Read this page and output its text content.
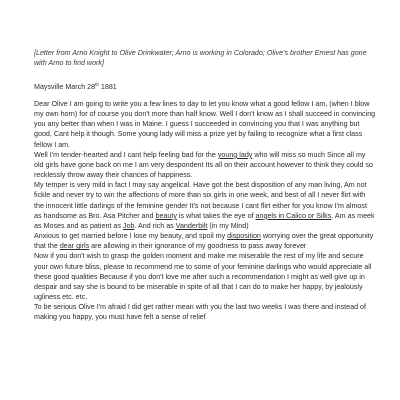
[Letter from Arno Knight to Olive Drinkwater; Arno is working in Colorado; Olive's brother Ernest has gone with Arno to find work]
Maysville March 28th 1881

Dear Olive I am going to write you a few lines to day to let you know what a good fellow I am, (when I blow my own horn) for of course you don't more than half know. Well I don't know as I shall succeed in convincing you any better than when I was in Maine. I guess I succeeded in convincing you that I was anything but good, Cant help it though. Some young lady will miss a prize yet by failing to recognize what a first class fellow I am.

Well I'm tender-hearted and I cant help feeling bad for the young lady who will miss so much Since all my old girls have gone back on me I am very despondent Its all on their account however to think they could so recklessly throw away their chances of happiness.

My temper is very mild in fact I may say angelical. Have got the best disposition of any man living, Am not fickle and never try to win the affections of more than six girls in one week, and best of all I never flirt with the innocent little darlings of the feminine gender It's not because I cant flirt either for you know I'm almost as handsome as Bro. Asa Pitcher and beauty is what takes the eye of angels in Calico or Silks. Am as meek as Moses and as patient as Job. And rich as Vanderbilt (in my Mind)

Anxious to get married before I lose my beauty, and spoil my disposition worrying over the great opportunity that the dear girls are allowing in their ignorance of my goodness to pass away forever

Now if you don't wish to grasp the golden moment and make me miserable the rest of my life and secure your own future bliss, please to recommend me to some of your feminine darlings who would appreciate all these good qualities Because if you don't love me after such a recommendation I might as well give up in despair and say she is bound to be miserable in spite of all that I can do to make her happy, by jealously ugliness etc. etc.

To be serious Olive I'm afraid I did get rather mean with you the last two weeks I was there and instead of making you happy, you must have felt a sense of relief
